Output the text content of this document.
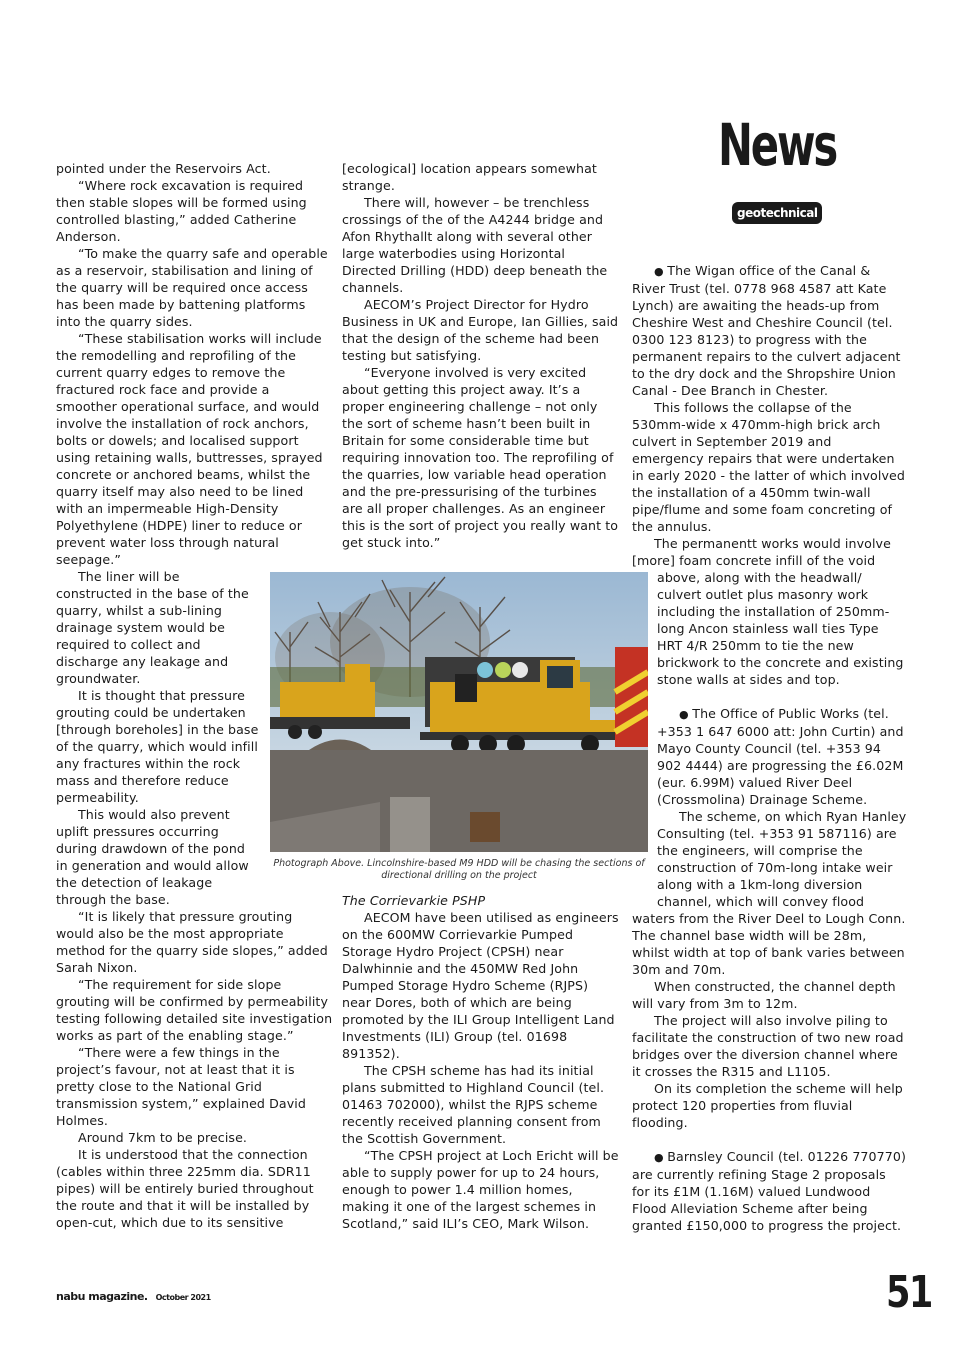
News
geotechnical

pointed under the Reservoirs Act.

“Where rock excavation is required then stable slopes will be formed using controlled blasting,” added Catherine Anderson.

“To make the quarry safe and operable as a reservoir, stabilisation and lining of the quarry will be required once access has been made by battening platforms into the quarry sides.

“These stabilisation works will include the remodelling and reprofiling of the current quarry edges to remove the fractured rock face and provide a smoother operational surface, and would involve the installation of rock anchors, bolts or dowels; and localised support using retaining walls, buttresses, sprayed concrete or anchored beams, whilst the quarry itself may also need to be lined with an impermeable High-Density Polyethylene (HDPE) liner to reduce or prevent water loss through natural seepage.”

The liner will be constructed in the base of the quarry, whilst a sub-lining drainage system would be required to collect and discharge any leakage and groundwater.

It is thought that pressure grouting could be undertaken [through boreholes] in the base of the quarry, which would infill any fractures within the rock mass and therefore reduce permeability.

This would also prevent uplift pressures occurring during drawdown of the pond in generation and would allow the detection of leakage through the base.

“It is likely that pressure grouting would also be the most appropriate method for the quarry side slopes,” added Sarah Nixon.

“The requirement for side slope grouting will be confirmed by permeability testing following detailed site investigation works as part of the enabling stage.”

“There were a few things in the project’s favour, not at least that it is pretty close to the National Grid transmission system,” explained David Holmes.

Around 7km to be precise.

It is understood that the connection (cables within three 225mm dia. SDR11 pipes) will be entirely buried throughout the route and that it will be installed by open-cut, which due to its sensitive

[ecological] location appears somewhat strange.

There will, however – be trenchless crossings of the of the A4244 bridge and Afon Rhythallt along with several other large waterbodies using Horizontal Directed Drilling (HDD) deep beneath the channels.

AECOM’s Project Director for Hydro Business in UK and Europe, Ian Gillies, said that the design of the scheme had been testing but satisfying.

“Everyone involved is very excited about getting this project away. It’s a proper engineering challenge – not only the sort of scheme hasn’t been built in Britain for some considerable time but requiring innovation too. The reprofiling of the quarries, low variable head operation and the pre-pressurising of the turbines are all proper challenges. As an engineer this is the sort of project you really want to get stuck into.”

Photograph Above. Lincolnshire-based M9 HDD will be chasing the sections of directional drilling on the project

The Corrievarkie PSHP

AECOM have been utilised as engineers on the 600MW Corrievarkie Pumped Storage Hydro Project (CPSH) near Dalwhinnie and the 450MW Red John Pumped Storage Hydro Scheme (RJPS) near Dores, both of which are being promoted by the ILI Group Intelligent Land Investments (ILI) Group (tel. 01698 891352).

The CPSH scheme has had its initial plans submitted to Highland Council (tel. 01463 702000), whilst the RJPS scheme recently received planning consent from the Scottish Government.

“The CPSH project at Loch Ericht will be able to supply power for up to 24 hours, enough to power 1.4 million homes, making it one of the largest schemes in Scotland,” said ILI’s CEO, Mark Wilson.

● The Wigan office of the Canal & River Trust (tel. 0778 968 4587 att Kate Lynch) are awaiting the heads-up from Cheshire West and Cheshire Council (tel. 0300 123 8123) to progress with the permanent repairs to the culvert adjacent to the dry dock and the Shropshire Union Canal - Dee Branch in Chester.

This follows the collapse of the 530mm-wide x 470mm-high brick arch culvert in September 2019 and emergency repairs that were undertaken in early 2020 - the latter of which involved the installation of a 450mm twin-wall pipe/flume and some foam concreting of the annulus.

The permanentt works would involve [more] foam concrete infill of the void

above, along with the headwall/ culvert outlet plus masonry work including the installation of 250mm-long Ancon stainless wall ties Type HRT 4/R 250mm to tie the new brickwork to the concrete and existing stone walls at sides and top.

● The Office of Public Works (tel. +353 1 647 6000 att: John Curtin) and Mayo County Council (tel. +353 94 902 4444) are progressing the £6.02M (eur. 6.99M) valued River Deel (Crossmolina) Drainage Scheme.

The scheme, on which Ryan Hanley Consulting (tel. +353 91 587116) are the engineers, will comprise the construction of 70m-long intake weir along with a 1km-long diversion channel, which will convey flood

waters from the River Deel to Lough Conn. The channel base width will be 28m, whilst width at top of bank varies between 30m and 70m.

When constructed, the channel depth will vary from 3m to 12m.

The project will also involve piling to facilitate the construction of two new road bridges over the diversion channel where it crosses the R315 and L1105.

On its completion the scheme will help protect 120 properties from fluvial flooding.

● Barnsley Council (tel. 01226 770770) are currently refining Stage 2 proposals for its £1M (1.16M) valued Lundwood Flood Alleviation Scheme after being granted £150,000 to progress the project.

nabu magazine. October 2021	51
